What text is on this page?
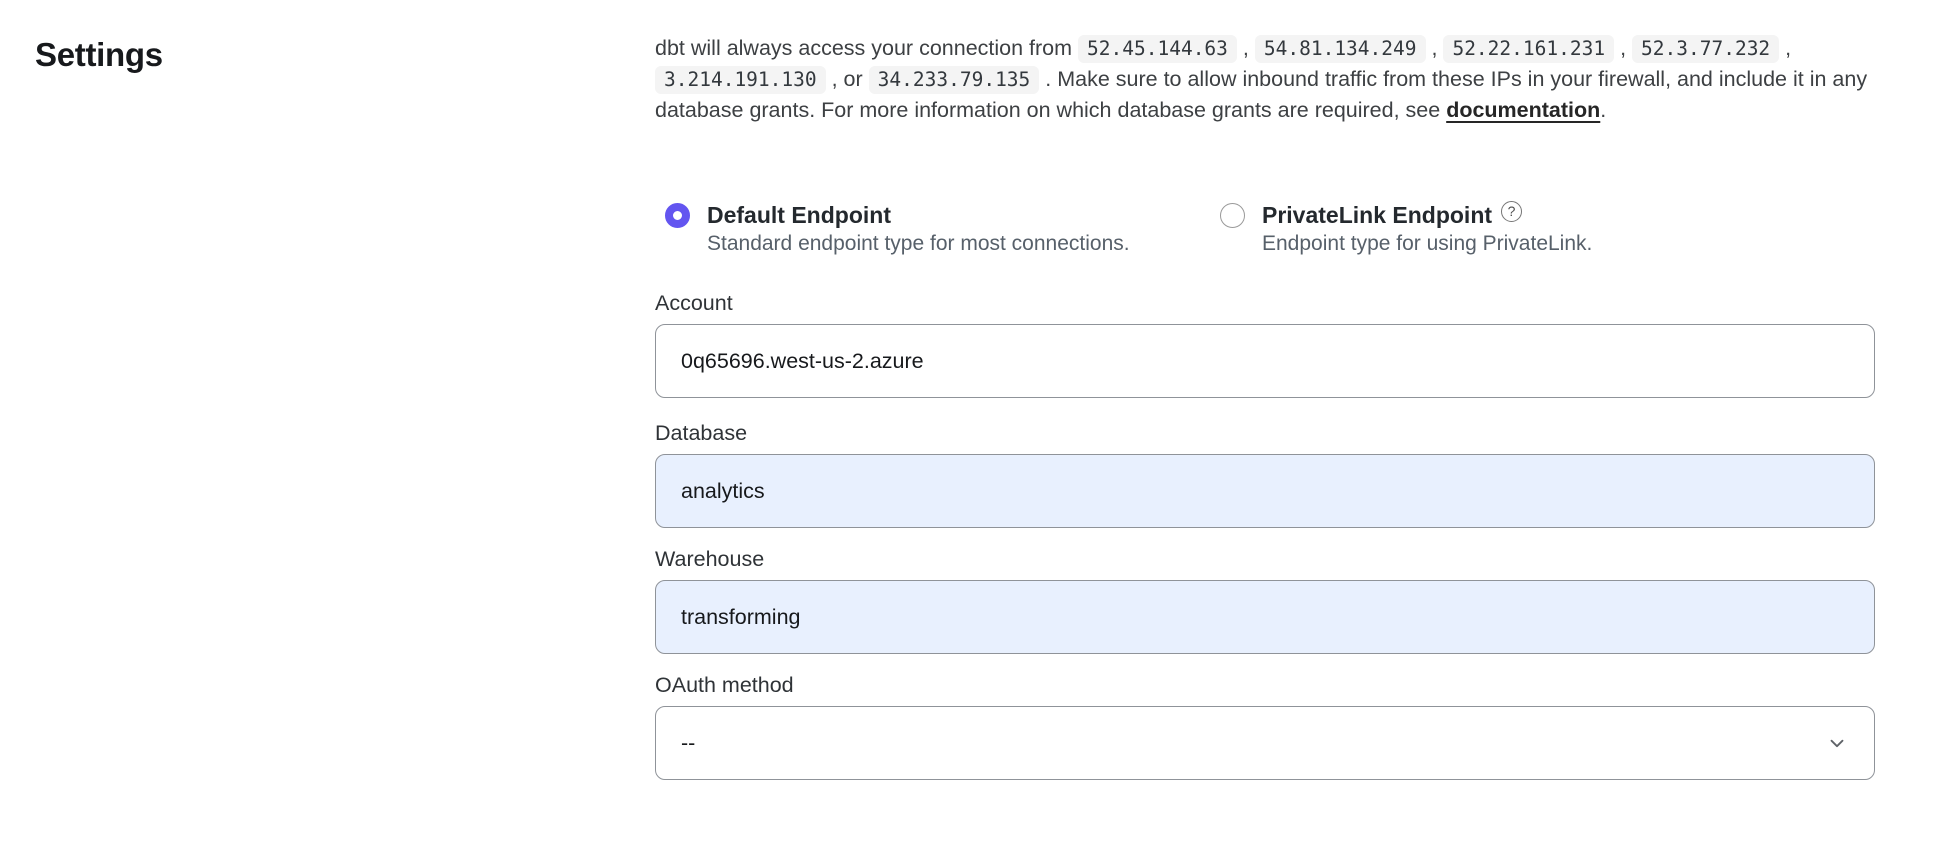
Settings	dbt will always access your connection from 52.45.144.63 , 54.81.134.249 , 52.22.161.231 , 52.3.77.232 , 3.214.191.130 , or 34.233.79.135 . Make sure to allow inbound traffic from these IPs in your firewall, and include it in any database grants. For more information on which database grants are required, see documentation.

Default Endpoint
Standard endpoint type for most connections.
PrivateLink Endpoint	?
Endpoint type for using PrivateLink.
Account
0q65696.west-us-2.azure
Database
analytics
Warehouse
transforming
OAuth method
--
